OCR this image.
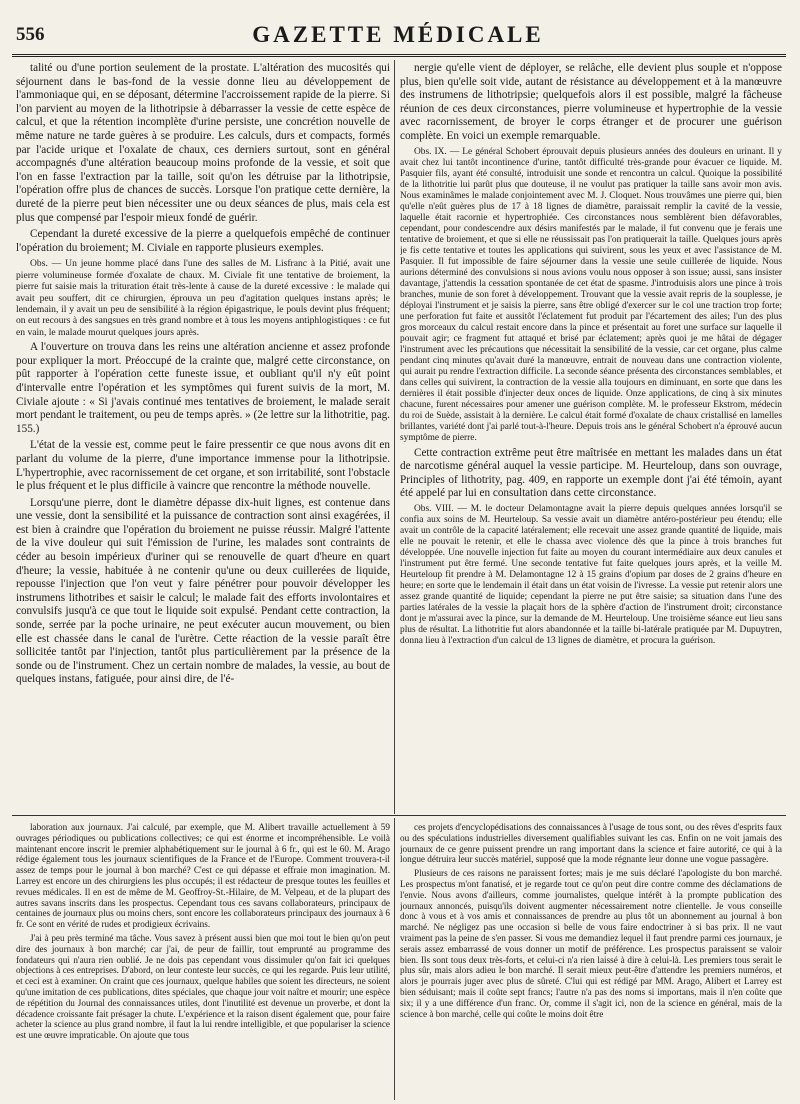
556	GAZETTE MÉDICALE

talité ou d'une portion seulement de la prostate. L'altération des mucosités qui séjournent dans le bas-fond de la vessie donne lieu au développement de l'ammoniaque qui, en se déposant, détermine l'accroissement rapide de la pierre. Si l'on parvient au moyen de la lithotripsie à débarrasser la vessie de cette espèce de calcul, et que la rétention incomplète d'urine persiste, une concrétion nouvelle de même nature ne tarde guères à se produire. Les calculs, durs et compacts, formés par l'acide urique et l'oxalate de chaux, ces derniers surtout, sont en général accompagnés d'une altération beaucoup moins profonde de la vessie, et soit que l'on en fasse l'extraction par la taille, soit qu'on les détruise par la lithotripsie, l'opération offre plus de chances de succès. Lorsque l'on pratique cette dernière, la dureté de la pierre peut bien nécessiter une ou deux séances de plus, mais cela est plus que compensé par l'espoir mieux fondé de guérir.

Cependant la dureté excessive de la pierre a quelquefois empêché de continuer l'opération du broiement; M. Civiale en rapporte plusieurs exemples.

Obs. — Un jeune homme placé dans l'une des salles de M. Lisfranc à la Pitié, avait une pierre volumineuse formée d'oxalate de chaux. M. Civiale fit une tentative de broiement, la pierre fut saisie mais la trituration était très-lente à cause de la dureté excessive : le malade qui avait peu souffert, dit ce chirurgien, éprouva un peu d'agitation quelques instans après; le lendemain, il y avait un peu de sensibilité à la région épigastrique, le pouls devint plus fréquent; on eut recours à des sangsues en très grand nombre et à tous les moyens antiphlogistiques : ce fut en vain, le malade mourut quelques jours après.

A l'ouverture on trouva dans les reins une altération ancienne et assez profonde pour expliquer la mort. Préoccupé de la crainte que, malgré cette circonstance, on pût rapporter à l'opération cette funeste issue, et oubliant qu'il n'y eût point d'intervalle entre l'opération et les symptômes qui furent suivis de la mort, M. Civiale ajoute : « Si j'avais continué mes tentatives de broiement, le malade serait mort pendant le traitement, ou peu de temps après. » (2e lettre sur la lithotritie, pag. 155.)

L'état de la vessie est, comme peut le faire pressentir ce que nous avons dit en parlant du volume de la pierre, d'une importance immense pour la lithotripsie. L'hypertrophie, avec racornissement de cet organe, et son irritabilité, sont l'obstacle le plus fréquent et le plus difficile à vaincre que rencontre la méthode nouvelle.

Lorsqu'une pierre, dont le diamètre dépasse dix-huit lignes, est contenue dans une vessie, dont la sensibilité et la puissance de contraction sont ainsi exagérées, il est bien à craindre que l'opération du broiement ne puisse réussir. Malgré l'attente de la vive douleur qui suit l'émission de l'urine, les malades sont contraints de céder au besoin impérieux d'uriner qui se renouvelle de quart d'heure en quart d'heure; la vessie, habituée à ne contenir qu'une ou deux cuillerées de liquide, repousse l'injection que l'on veut y faire pénétrer pour pouvoir développer les instrumens lithotribes et saisir le calcul; le malade fait des efforts involontaires et convulsifs jusqu'à ce que tout le liquide soit expulsé. Pendant cette contraction, la sonde, serrée par la poche urinaire, ne peut exécuter aucun mouvement, ou bien elle est chassée dans le canal de l'urètre. Cette réaction de la vessie paraît être sollicitée tantôt par l'injection, tantôt plus particulièrement par la présence de la sonde ou de l'instrument. Chez un certain nombre de malades, la vessie, au bout de quelques instans, fatiguée, pour ainsi dire, de l'é-

nergie qu'elle vient de déployer, se relâche, elle devient plus souple et n'oppose plus, bien qu'elle soit vide, autant de résistance au développement et à la manœuvre des instrumens de lithotripsie; quelquefois alors il est possible, malgré la fâcheuse réunion de ces deux circonstances, pierre volumineuse et hypertrophie de la vessie avec racornissement, de broyer le corps étranger et de procurer une guérison complète. En voici un exemple remarquable.

Obs. IX. — Le général Schobert éprouvait depuis plusieurs années des douleurs en urinant. Il y avait chez lui tantôt incontinence d'urine, tantôt difficulté très-grande pour évacuer ce liquide. M. Pasquier fils, ayant été consulté, introduisit une sonde et rencontra un calcul. Quoique la possibilité de la lithotritie lui parût plus que douteuse, il ne voulut pas pratiquer la taille sans avoir mon avis. Nous examinâmes le malade conjointement avec M. J. Cloquet. Nous trouvâmes une pierre qui, bien qu'elle n'eût guères plus de 17 à 18 lignes de diamètre, paraissait remplir la cavité de la vessie, laquelle était racornie et hypertrophiée. Ces circonstances nous semblèrent bien défavorables, cependant, pour condescendre aux désirs manifestés par le malade, il fut convenu que je ferais une tentative de broiement, et que si elle ne réussissait pas l'on pratiquerait la taille. Quelques jours après je fis cette tentative et toutes les applications qui suivirent, sous les yeux et avec l'assistance de M. Pasquier. Il fut impossible de faire séjourner dans la vessie une seule cuillerée de liquide. Nous aurions déterminé des convulsions si nous avions voulu nous opposer à son issue; aussi, sans insister davantage, j'attendis la cessation spontanée de cet état de spasme. J'introduisis alors une pince à trois branches, munie de son foret à développement. Trouvant que la vessie avait repris de la souplesse, je déployai l'instrument et je saisis la pierre, sans être obligé d'exercer sur le col une traction trop forte; une perforation fut faite et aussitôt l'éclatement fut produit par l'écartement des ailes; l'un des plus gros morceaux du calcul restait encore dans la pince et présentait au foret une surface sur laquelle il pouvait agir; ce fragment fut attaqué et brisé par éclatement; après quoi je me hâtai de dégager l'instrument avec les précautions que nécessitait la sensibilité de la vessie, car cet organe, plus calme pendant cinq minutes qu'avait duré la manœuvre, entrait de nouveau dans une contraction violente, qui aurait pu rendre l'extraction difficile. La seconde séance présenta des circonstances semblables, et dans celles qui suivirent, la contraction de la vessie alla toujours en diminuant, en sorte que dans les dernières il était possible d'injecter deux onces de liquide. Onze applications, de cinq à six minutes chacune, furent nécessaires pour amener une guérison complète. M. le professeur Ekstrom, médecin du roi de Suède, assistait à la dernière. Le calcul était formé d'oxalate de chaux cristallisé en lamelles brillantes, variété dont j'ai parlé tout-à-l'heure. Depuis trois ans le général Schobert n'a éprouvé aucun symptôme de pierre.

Cette contraction extrême peut être maîtrisée en mettant les malades dans un état de narcotisme général auquel la vessie participe. M. Heurteloup, dans son ouvrage, Principles of lithotrity, pag. 409, en rapporte un exemple dont j'ai été témoin, ayant été appelé par lui en consultation dans cette circonstance.

Obs. VIII. — M. le docteur Delamontagne avait la pierre depuis quelques années lorsqu'il se confia aux soins de M. Heurteloup. Sa vessie avait un diamètre antéro-postérieur peu étendu; elle avait un contrôle de la capacité latéralement; elle recevait une assez grande quantité de liquide, mais elle ne pouvait le retenir, et elle le chassa avec violence dès que la pince à trois branches fut développée. Une nouvelle injection fut faite au moyen du courant intermédiaire aux deux canules et l'instrument put être fermé. Une seconde tentative fut faite quelques jours après, et la veille M. Heurteloup fit prendre à M. Delamontagne 12 à 15 grains d'opium par doses de 2 grains d'heure en heure; en sorte que le lendemain il était dans un état voisin de l'ivresse. La vessie put retenir alors une assez grande quantité de liquide; cependant la pierre ne put être saisie; sa situation dans l'une des parties latérales de la vessie la plaçait hors de la sphère d'action de l'instrument droit; circonstance dont je m'assurai avec la pince, sur la demande de M. Heurteloup. Une troisième séance eut lieu sans plus de résultat. La lithotritie fut alors abandonnée et la taille bi-latérale pratiquée par M. Dupuytren, donna lieu à l'extraction d'un calcul de 13 lignes de diamètre, et procura la guérison.

laboration aux journaux. J'ai calculé, par exemple, que M. Alibert travaille actuellement à 59 ouvrages périodiques ou publications collectives; ce qui est énorme et incompréhensible. Le voilà maintenant encore inscrit le premier alphabétiquement sur le journal à 6 fr., qui est le 60. M. Arago rédige également tous les journaux scientifiques de la France et de l'Europe. Comment trouvera-t-il assez de temps pour le journal à bon marché? C'est ce qui dépasse et effraie mon imagination. M. Larrey est encore un des chirurgiens les plus occupés; il est rédacteur de presque toutes les feuilles et revues médicales. Il en est de même de M. Geoffroy-St.-Hilaire, de M. Velpeau, et de la plupart des autres savans inscrits dans les prospectus. Cependant tous ces savans collaborateurs, principaux de centaines de journaux plus ou moins chers, sont encore les collaborateurs principaux des journaux à 6 fr. Ce sont en vérité de rudes et prodigieux écrivains.

J'ai à peu près terminé ma tâche. Vous savez à présent aussi bien que moi tout le bien qu'on peut dire des journaux à bon marché; car j'ai, de peur de faillir, tout emprunté au programme des fondateurs qui n'aura rien oublié. Je ne dois pas cependant vous dissimuler qu'on fait ici quelques objections à ces entreprises. D'abord, on leur conteste leur succès, ce qui les regarde. Puis leur utilité, et ceci est à examiner. On craint que ces journaux, quelque habiles que soient les directeurs, ne soient qu'une imitation de ces publications, dites spéciales, que chaque jour voit naître et mourir; une espèce de répétition du Journal des connaissances utiles, dont l'inutilité est devenue un proverbe, et dont la décadence croissante fait présager la chute. L'expérience et la raison disent également que, pour faire acheter la science au plus grand nombre, il faut la lui rendre intelligible, et que populariser la science est une œuvre impraticable. On ajoute que tous

ces projets d'encyclopédisations des connaissances à l'usage de tous sont, ou des rêves d'esprits faux ou des spéculations industrielles diversement qualifiables suivant les cas. Enfin on ne voit jamais des journaux de ce genre puissent prendre un rang important dans la science et faire autorité, ce qui à la longue détruira leur succès matériel, supposé que la mode régnante leur donne une vogue passagère.

Plusieurs de ces raisons ne paraissent fortes; mais je me suis déclaré l'apologiste du bon marché. Les prospectus m'ont fanatisé, et je regarde tout ce qu'on peut dire contre comme des déclamations de l'envie. Nous avons d'ailleurs, comme journalistes, quelque intérêt à la prompte publication des journaux annoncés, puisqu'ils doivent augmenter nécessairement notre clientelle. Je vous conseille donc à vous et à vos amis et connaissances de prendre au plus tôt un abonnement au journal à bon marché. Ne négligez pas une occasion si belle de vous faire endoctriner à si bas prix. Il ne vaut vraiment pas la peine de s'en passer. Si vous me demandiez lequel il faut prendre parmi ces journaux, je serais assez embarrassé de vous donner un motif de préférence. Les prospectus paraissent se valoir bien. Ils sont tous deux très-forts, et celui-ci n'a rien laissé à dire à celui-là. Les premiers tous serait le plus sûr, mais alors adieu le bon marché. Il serait mieux peut-être d'attendre les premiers numéros, et alors je pourrais juger avec plus de sûreté. C'lui qui est rédigé par MM. Arago, Alibert et Larrey est bien séduisant; mais il coûte sept francs; l'autre n'a pas des noms si importans, mais il n'en coûte que six; il y a une différence d'un franc. Or, comme il s'agit ici, non de la science en général, mais de la science à bon marché, celle qui coûte le moins doit être
